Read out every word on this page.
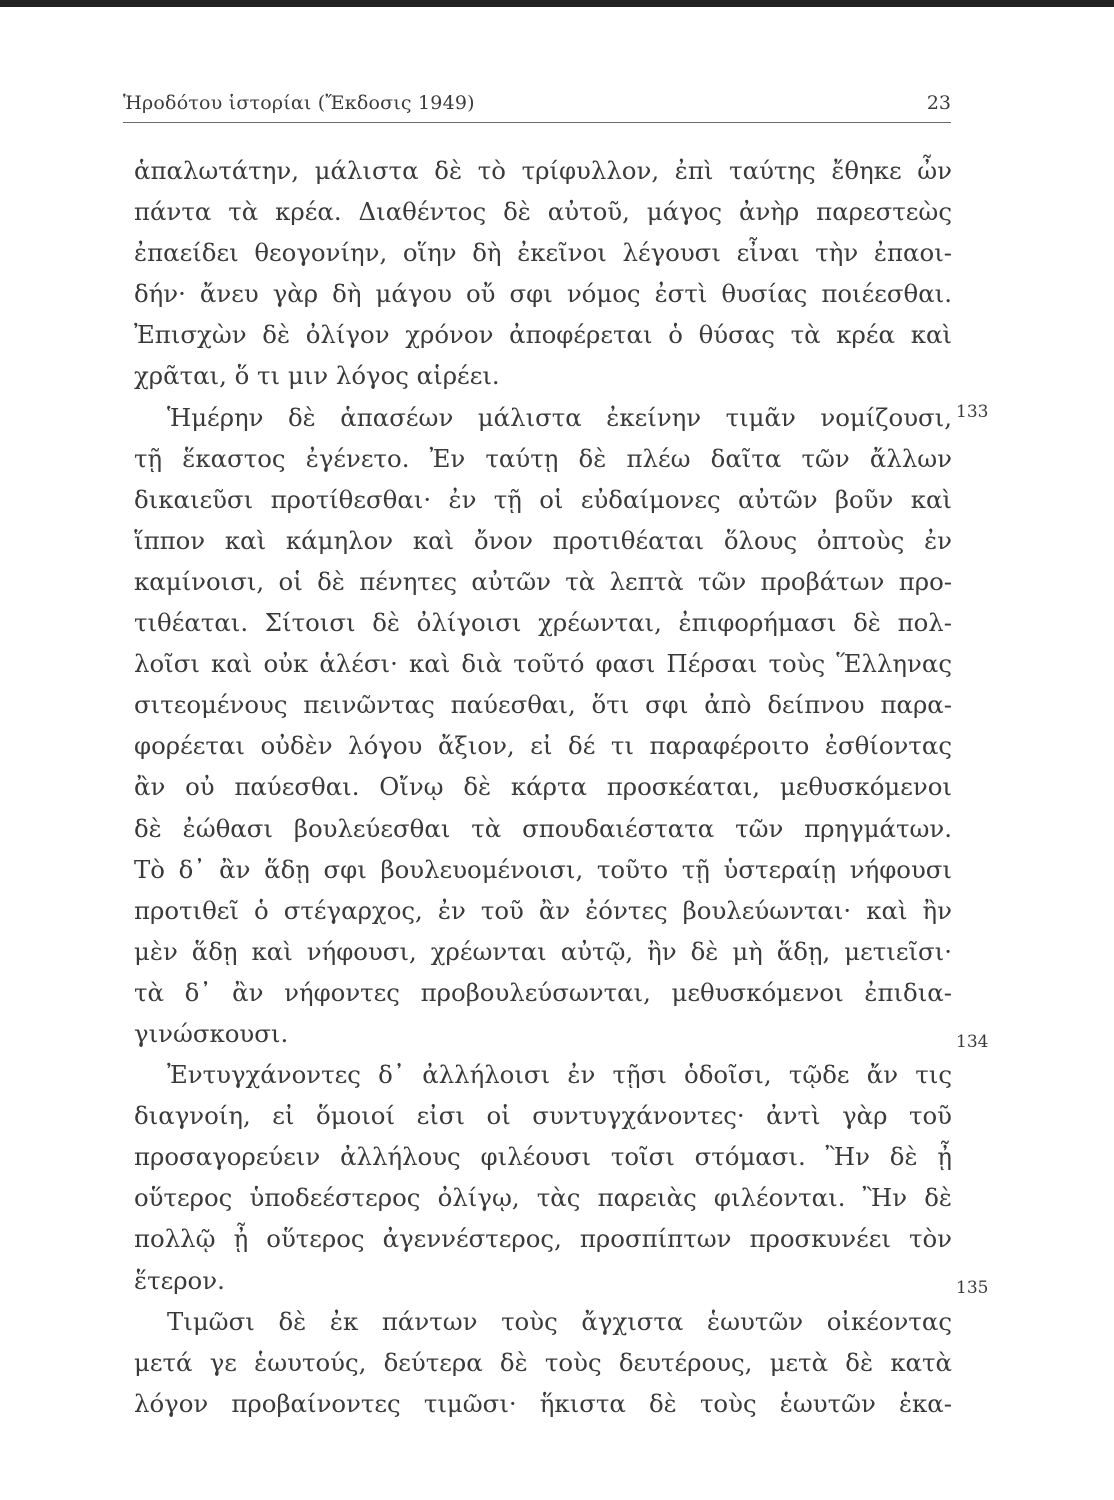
Ἡροδότου ἱστορίαι (Ἔκδοσις 1949)	23
ἁπαλωτάτην, μάλιστα δὲ τὸ τρίφυλλον, ἐπὶ ταύτης ἔθηκε ὦν
πάντα τὰ κρέα. Διαθέντος δὲ αὐτοῦ, μάγος ἀνὴρ παρεστεὼς
ἐπαείδει θεογονίην, οἵην δὴ ἐκεῖνοι λέγουσι εἶναι τὴν ἐπαοι-
δήν· ἄνευ γὰρ δὴ μάγου οὔ σφι νόμος ἐστὶ θυσίας ποιέεσθαι.
Ἐπισχὼν δὲ ὀλίγον χρόνον ἀποφέρεται ὁ θύσας τὰ κρέα καὶ
χρᾶται, ὅ τι μιν λόγος αἱρέει.
Ἡμέρην δὲ ἁπασέων μάλιστα ἐκείνην τιμᾶν νομίζουσι,
τῇ ἕκαστος ἐγένετο. Ἐν ταύτῃ δὲ πλέω δαῖτα τῶν ἄλλων
δικαιεῦσι προτίθεσθαι· ἐν τῇ οἱ εὐδαίμονες αὐτῶν βοῦν καὶ
ἵππον καὶ κάμηλον καὶ ὄνον προτιθέαται ὅλους ὀπτοὺς ἐν
καμίνοισι, οἱ δὲ πένητες αὐτῶν τὰ λεπτὰ τῶν προβάτων προ-
τιθέαται. Σίτοισι δὲ ὀλίγοισι χρέωνται, ἐπιφορήμασι δὲ πολ-
λοῖσι καὶ οὐκ ἁλέσι· καὶ διὰ τοῦτό φασι Πέρσαι τοὺς Ἕλληνας
σιτεομένους πεινῶντας παύεσθαι, ὅτι σφι ἀπὸ δείπνου παρα-
φορέεται οὐδὲν λόγου ἄξιον, εἰ δέ τι παραφέροιτο ἐσθίοντας
ἂν οὐ παύεσθαι. Οἴνῳ δὲ κάρτα προσκέαται, μεθυσκόμενοι
δὲ ἐώθασι βουλεύεσθαι τὰ σπουδαιέστατα τῶν πρηγμάτων.
Τὸ δ᾿ ἂν ἅδῃ σφι βουλευομένοισι, τοῦτο τῇ ὑστεραίῃ νήφουσι
προτιθεῖ ὁ στέγαρχος, ἐν τοῦ ἂν ἐόντες βουλεύωνται· καὶ ἢν
μὲν ἅδῃ καὶ νήφουσι, χρέωνται αὐτῷ, ἢν δὲ μὴ ἅδῃ, μετιεῖσι·
τὰ δ᾿ ἂν νήφοντες προβουλεύσωνται, μεθυσκόμενοι ἐπιδια-
γινώσκουσι.
Ἐντυγχάνοντες δ᾿ ἀλλήλοισι ἐν τῇσι ὁδοῖσι, τῷδε ἄν τις
διαγνοίη, εἰ ὅμοιοί εἰσι οἱ συντυγχάνοντες· ἀντὶ γὰρ τοῦ
προσαγορεύειν ἀλλήλους φιλέουσι τοῖσι στόμασι. Ἢν δὲ ᾖ
οὕτερος ὑποδεέστερος ὀλίγῳ, τὰς παρειὰς φιλέονται. Ἢν δὲ
πολλῷ ᾖ οὕτερος ἀγεννέστερος, προσπίπτων προσκυνέει τὸν
ἕτερον.
Τιμῶσι δὲ ἐκ πάντων τοὺς ἄγχιστα ἑωυτῶν οἰκέοντας
μετά γε ἑωυτούς, δεύτερα δὲ τοὺς δευτέρους, μετὰ δὲ κατὰ
λόγον προβαίνοντες τιμῶσι· ἥκιστα δὲ τοὺς ἑωυτῶν ἑκα-
133
134
135
